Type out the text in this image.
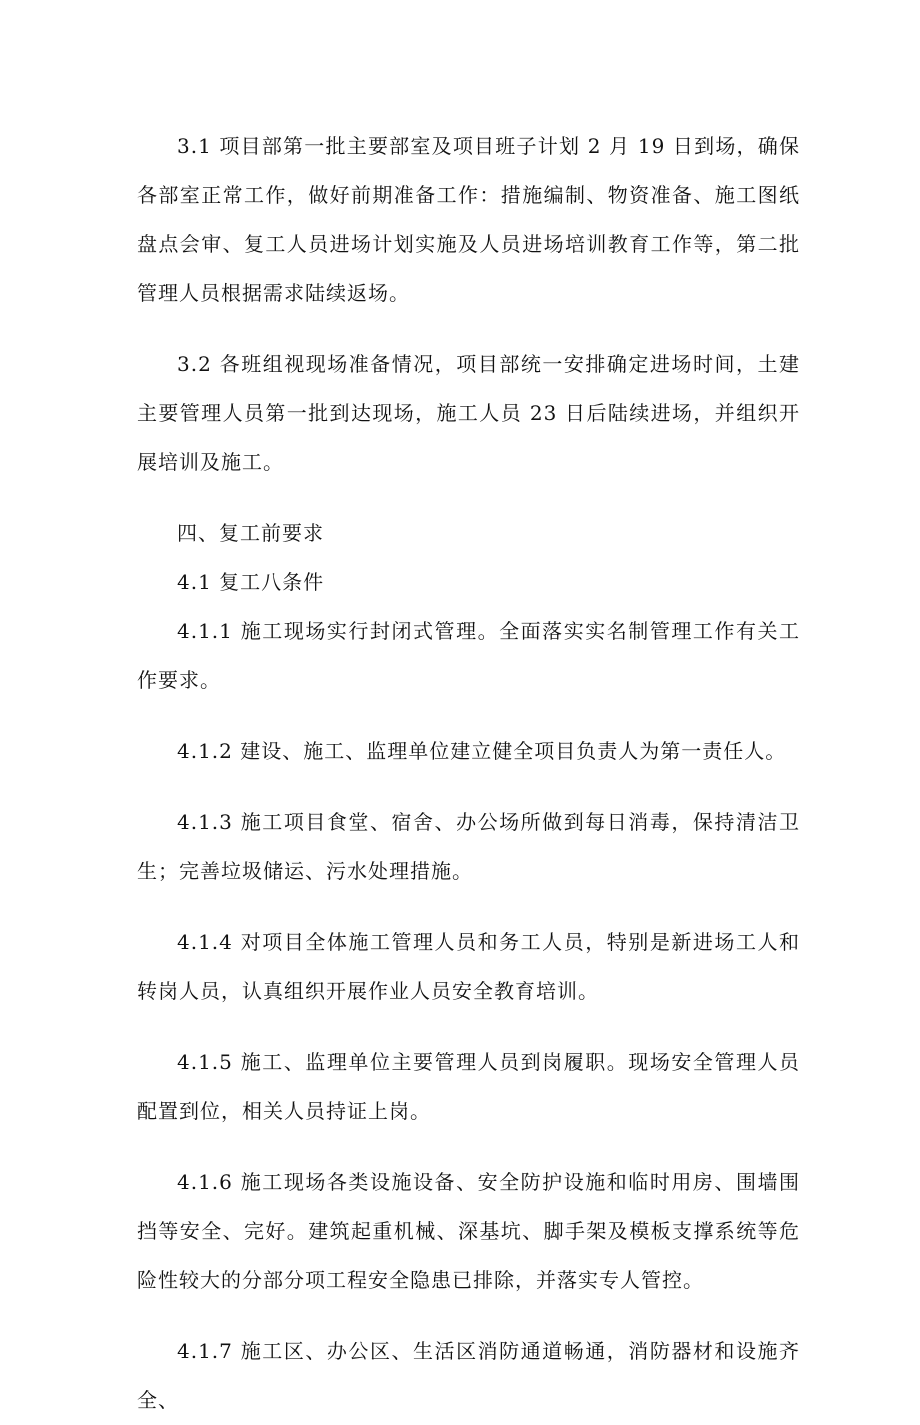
3.1 项目部第一批主要部室及项目班子计划 2 月 19 日到场，确保各部室正常工作，做好前期准备工作：措施编制、物资准备、施工图纸盘点会审、复工人员进场计划实施及人员进场培训教育工作等，第二批管理人员根据需求陆续返场。

3.2 各班组视现场准备情况，项目部统一安排确定进场时间，土建主要管理人员第一批到达现场，施工人员 23 日后陆续进场，并组织开展培训及施工。

四、复工前要求

4.1 复工八条件

4.1.1 施工现场实行封闭式管理。全面落实实名制管理工作有关工作要求。

4.1.2 建设、施工、监理单位建立健全项目负责人为第一责任人。

4.1.3 施工项目食堂、宿舍、办公场所做到每日消毒，保持清洁卫生；完善垃圾储运、污水处理措施。

4.1.4 对项目全体施工管理人员和务工人员，特别是新进场工人和转岗人员，认真组织开展作业人员安全教育培训。

4.1.5 施工、监理单位主要管理人员到岗履职。现场安全管理人员配置到位，相关人员持证上岗。

4.1.6 施工现场各类设施设备、安全防护设施和临时用房、围墙围挡等安全、完好。建筑起重机械、深基坑、脚手架及模板支撑系统等危险性较大的分部分项工程安全隐患已排除，并落实专人管控。

4.1.7 施工区、办公区、生活区消防通道畅通，消防器材和设施齐全、
